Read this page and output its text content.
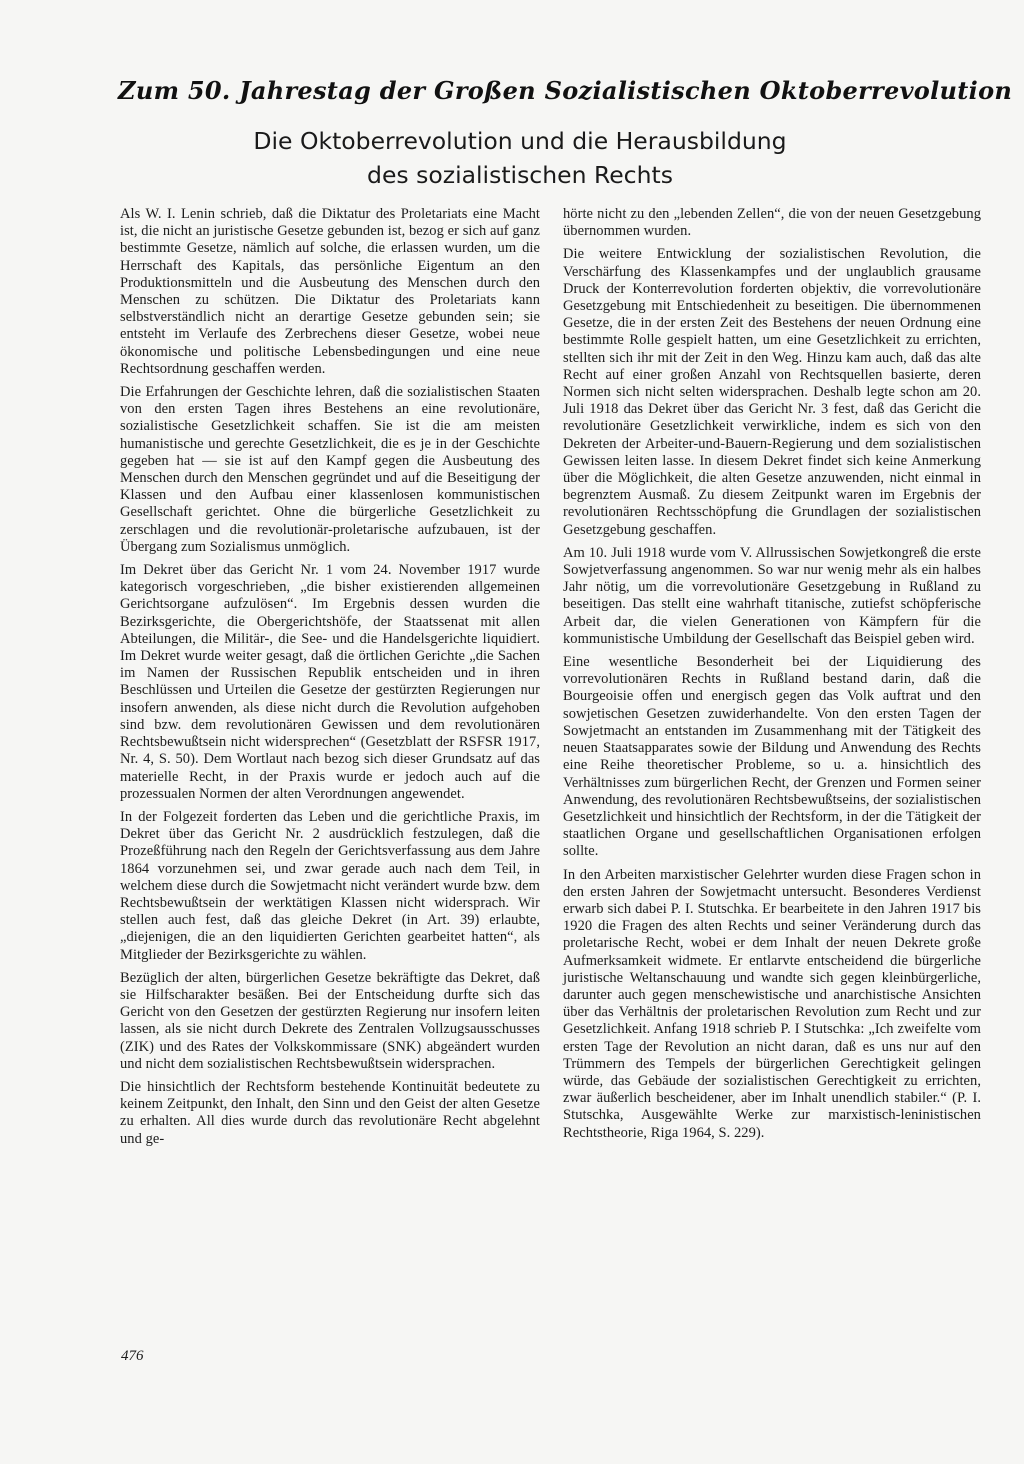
Zum 50. Jahrestag der Großen Sozialistischen Oktoberrevolution
Die Oktoberrevolution und die Herausbildung
des sozialistischen Rechts

Als W. I. Lenin schrieb, daß die Diktatur des Proletariats eine Macht ist, die nicht an juristische Gesetze gebunden ist, bezog er sich auf ganz bestimmte Gesetze, nämlich auf solche, die erlassen wurden, um die Herrschaft des Kapitals, das persönliche Eigentum an den Produktionsmitteln und die Ausbeutung des Menschen durch den Menschen zu schützen. Die Diktatur des Proletariats kann selbstverständlich nicht an derartige Gesetze gebunden sein; sie entsteht im Verlaufe des Zerbrechens dieser Gesetze, wobei neue ökonomische und politische Lebensbedingungen und eine neue Rechtsordnung geschaffen werden.

Die Erfahrungen der Geschichte lehren, daß die sozialistischen Staaten von den ersten Tagen ihres Bestehens an eine revolutionäre, sozialistische Gesetzlichkeit schaffen. Sie ist die am meisten humanistische und gerechte Gesetzlichkeit, die es je in der Geschichte gegeben hat — sie ist auf den Kampf gegen die Ausbeutung des Menschen durch den Menschen gegründet und auf die Beseitigung der Klassen und den Aufbau einer klassenlosen kommunistischen Gesellschaft gerichtet. Ohne die bürgerliche Gesetzlichkeit zu zerschlagen und die revolutionär-proletarische aufzubauen, ist der Übergang zum Sozialismus unmöglich.

Im Dekret über das Gericht Nr. 1 vom 24. November 1917 wurde kategorisch vorgeschrieben, „die bisher existierenden allgemeinen Gerichtsorgane aufzulösen“. Im Ergebnis dessen wurden die Bezirksgerichte, die Obergerichtshöfe, der Staatssenat mit allen Abteilungen, die Militär-, die See- und die Handelsgerichte liquidiert. Im Dekret wurde weiter gesagt, daß die örtlichen Gerichte „die Sachen im Namen der Russischen Republik entscheiden und in ihren Beschlüssen und Urteilen die Gesetze der gestürzten Regierungen nur insofern anwenden, als diese nicht durch die Revolution aufgehoben sind bzw. dem revolutionären Gewissen und dem revolutionären Rechtsbewußtsein nicht widersprechen“ (Gesetzblatt der RSFSR 1917, Nr. 4, S. 50). Dem Wortlaut nach bezog sich dieser Grundsatz auf das materielle Recht, in der Praxis wurde er jedoch auch auf die prozessualen Normen der alten Verordnungen angewendet.

In der Folgezeit forderten das Leben und die gerichtliche Praxis, im Dekret über das Gericht Nr. 2 ausdrücklich festzulegen, daß die Prozeßführung nach den Regeln der Gerichtsverfassung aus dem Jahre 1864 vorzunehmen sei, und zwar gerade auch nach dem Teil, in welchem diese durch die Sowjetmacht nicht verändert wurde bzw. dem Rechtsbewußtsein der werktätigen Klassen nicht widersprach. Wir stellen auch fest, daß das gleiche Dekret (in Art. 39) erlaubte, „diejenigen, die an den liquidierten Gerichten gearbeitet hatten“, als Mitglieder der Bezirksgerichte zu wählen.

Bezüglich der alten, bürgerlichen Gesetze bekräftigte das Dekret, daß sie Hilfscharakter besäßen. Bei der Entscheidung durfte sich das Gericht von den Gesetzen der gestürzten Regierung nur insofern leiten lassen, als sie nicht durch Dekrete des Zentralen Vollzugsausschusses (ZIK) und des Rates der Volkskommissare (SNK) abgeändert wurden und nicht dem sozialistischen Rechtsbewußtsein widersprachen.

Die hinsichtlich der Rechtsform bestehende Kontinuität bedeutete zu keinem Zeitpunkt, den Inhalt, den Sinn und den Geist der alten Gesetze zu erhalten. All dies wurde durch das revolutionäre Recht abgelehnt und ge-

hörte nicht zu den „lebenden Zellen“, die von der neuen Gesetzgebung übernommen wurden.

Die weitere Entwicklung der sozialistischen Revolution, die Verschärfung des Klassenkampfes und der unglaublich grausame Druck der Konterrevolution forderten objektiv, die vorrevolutionäre Gesetzgebung mit Entschiedenheit zu beseitigen. Die übernommenen Gesetze, die in der ersten Zeit des Bestehens der neuen Ordnung eine bestimmte Rolle gespielt hatten, um eine Gesetzlichkeit zu errichten, stellten sich ihr mit der Zeit in den Weg. Hinzu kam auch, daß das alte Recht auf einer großen Anzahl von Rechtsquellen basierte, deren Normen sich nicht selten widersprachen. Deshalb legte schon am 20. Juli 1918 das Dekret über das Gericht Nr. 3 fest, daß das Gericht die revolutionäre Gesetzlichkeit verwirkliche, indem es sich von den Dekreten der Arbeiter-und-Bauern-Regierung und dem sozialistischen Gewissen leiten lasse. In diesem Dekret findet sich keine Anmerkung über die Möglichkeit, die alten Gesetze anzuwenden, nicht einmal in begrenztem Ausmaß. Zu diesem Zeitpunkt waren im Ergebnis der revolutionären Rechtsschöpfung die Grundlagen der sozialistischen Gesetzgebung geschaffen.

Am 10. Juli 1918 wurde vom V. Allrussischen Sowjetkongreß die erste Sowjetverfassung angenommen. So war nur wenig mehr als ein halbes Jahr nötig, um die vorrevolutionäre Gesetzgebung in Rußland zu beseitigen. Das stellt eine wahrhaft titanische, zutiefst schöpferische Arbeit dar, die vielen Generationen von Kämpfern für die kommunistische Umbildung der Gesellschaft das Beispiel geben wird.

Eine wesentliche Besonderheit bei der Liquidierung des vorrevolutionären Rechts in Rußland bestand darin, daß die Bourgeoisie offen und energisch gegen das Volk auftrat und den sowjetischen Gesetzen zuwiderhandelte. Von den ersten Tagen der Sowjetmacht an entstanden im Zusammenhang mit der Tätigkeit des neuen Staatsapparates sowie der Bildung und Anwendung des Rechts eine Reihe theoretischer Probleme, so u. a. hinsichtlich des Verhältnisses zum bürgerlichen Recht, der Grenzen und Formen seiner Anwendung, des revolutionären Rechtsbewußtseins, der sozialistischen Gesetzlichkeit und hinsichtlich der Rechtsform, in der die Tätigkeit der staatlichen Organe und gesellschaftlichen Organisationen erfolgen sollte.

In den Arbeiten marxistischer Gelehrter wurden diese Fragen schon in den ersten Jahren der Sowjetmacht untersucht. Besonderes Verdienst erwarb sich dabei P. I. Stutschka. Er bearbeitete in den Jahren 1917 bis 1920 die Fragen des alten Rechts und seiner Veränderung durch das proletarische Recht, wobei er dem Inhalt der neuen Dekrete große Aufmerksamkeit widmete. Er entlarvte entscheidend die bürgerliche juristische Weltanschauung und wandte sich gegen kleinbürgerliche, darunter auch gegen menschewistische und anarchistische Ansichten über das Verhältnis der proletarischen Revolution zum Recht und zur Gesetzlichkeit. Anfang 1918 schrieb P. I Stutschka: „Ich zweifelte vom ersten Tage der Revolution an nicht daran, daß es uns nur auf den Trümmern des Tempels der bürgerlichen Gerechtigkeit gelingen würde, das Gebäude der sozialistischen Gerechtigkeit zu errichten, zwar äußerlich bescheidener, aber im Inhalt unendlich stabiler.“ (P. I. Stutschka, Ausgewählte Werke zur marxistisch-leninistischen Rechtstheorie, Riga 1964, S. 229).

476
